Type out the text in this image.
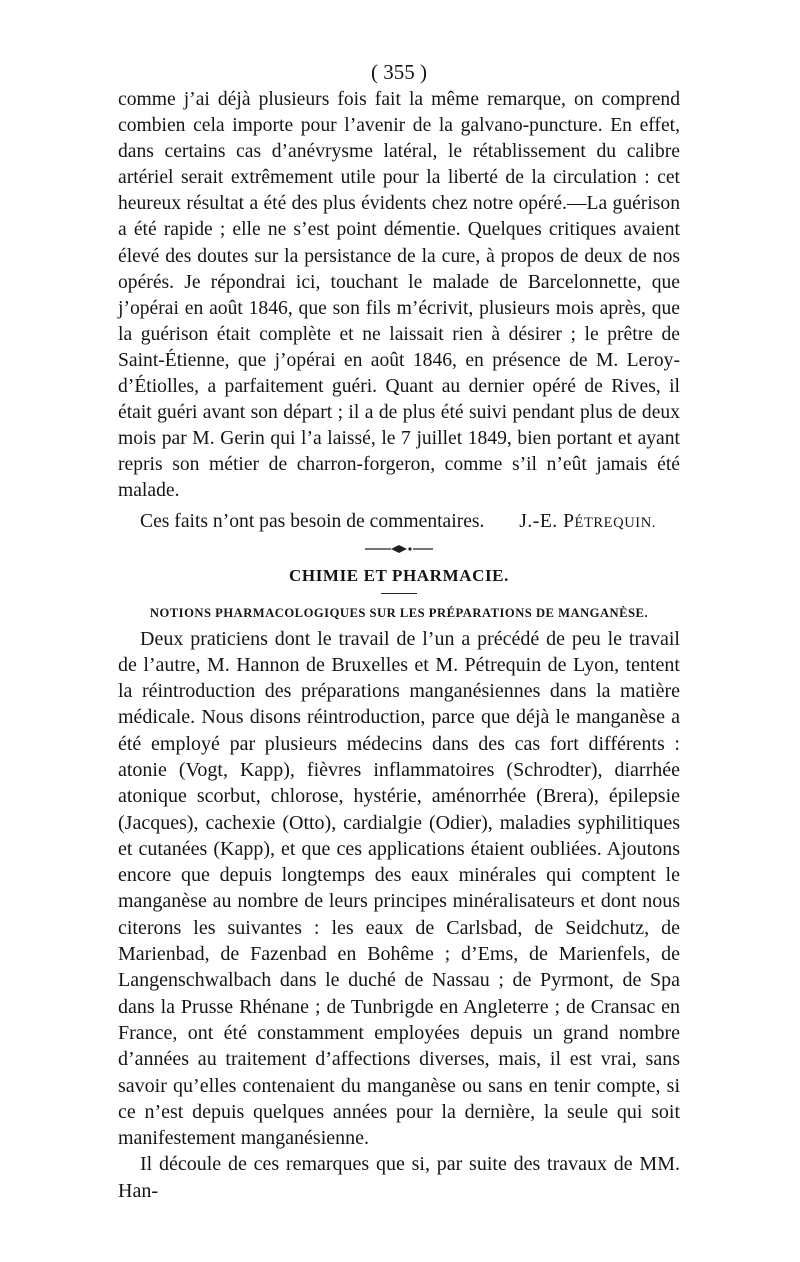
( 355 )

comme j’ai déjà plusieurs fois fait la même remarque, on comprend combien cela importe pour l’avenir de la galvano-puncture. En effet, dans certains cas d’anévrysme latéral, le rétablissement du calibre artériel serait extrêmement utile pour la liberté de la circulation : cet heureux résultat a été des plus évidents chez notre opéré.—La guérison a été rapide ; elle ne s’est point démentie. Quelques critiques avaient élevé des doutes sur la persistance de la cure, à propos de deux de nos opérés. Je répondrai ici, touchant le malade de Barcelonnette, que j’opérai en août 1846, que son fils m’écrivit, plusieurs mois après, que la guérison était complète et ne laissait rien à désirer ; le prêtre de Saint-Étienne, que j’opérai en août 1846, en présence de M. Leroy-d’Étiolles, a parfaitement guéri. Quant au dernier opéré de Rives, il était guéri avant son départ ; il a de plus été suivi pendant plus de deux mois par M. Gerin qui l’a laissé, le 7 juillet 1849, bien portant et ayant repris son métier de charron-forgeron, comme s’il n’eût jamais été malade.

Ces faits n’ont pas besoin de commentaires. J.-E. PÉTREQUIN.
CHIMIE ET PHARMACIE.
NOTIONS PHARMACOLOGIQUES SUR LES PRÉPARATIONS DE MANGANÈSE.

Deux praticiens dont le travail de l’un a précédé de peu le travail de l’autre, M. Hannon de Bruxelles et M. Pétrequin de Lyon, tentent la réintroduction des préparations manganésiennes dans la matière médicale. Nous disons réintroduction, parce que déjà le manganèse a été employé par plusieurs médecins dans des cas fort différents : atonie (Vogt, Kapp), fièvres inflammatoires (Schrodter), diarrhée atonique scorbut, chlorose, hystérie, aménorrhée (Brera), épilepsie (Jacques), cachexie (Otto), cardialgie (Odier), maladies syphilitiques et cutanées (Kapp), et que ces applications étaient oubliées. Ajoutons encore que depuis longtemps des eaux minérales qui comptent le manganèse au nombre de leurs principes minéralisateurs et dont nous citerons les suivantes : les eaux de Carlsbad, de Seidchutz, de Marienbad, de Fazenbad en Bohême ; d’Ems, de Marienfels, de Langenschwalbach dans le duché de Nassau ; de Pyrmont, de Spa dans la Prusse Rhénane ; de Tunbrigde en Angleterre ; de Cransac en France, ont été constamment employées depuis un grand nombre d’années au traitement d’affections diverses, mais, il est vrai, sans savoir qu’elles contenaient du manganèse ou sans en tenir compte, si ce n’est depuis quelques années pour la dernière, la seule qui soit manifestement manganésienne.

Il découle de ces remarques que si, par suite des travaux de MM. Han-
